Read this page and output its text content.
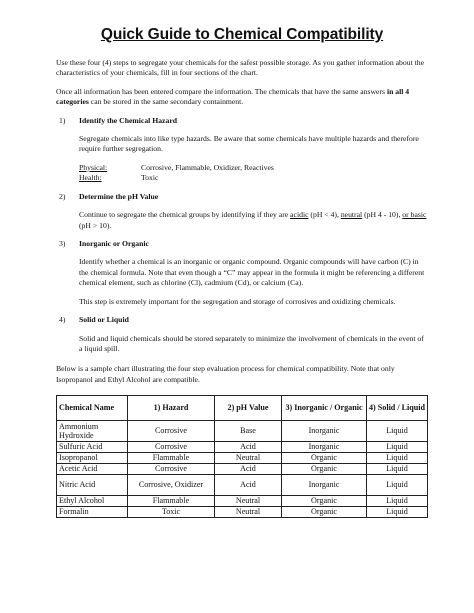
Quick Guide to Chemical Compatibility

Use these four (4) steps to segregate your chemicals for the safest possible storage. As you gather information about the characteristics of your chemicals, fill in four sections of the chart.

Once all information has been entered compare the information. The chemicals that have the same answers in all 4 categories can be stored in the same secondary containment.

1)	Identify the Chemical Hazard

Segregate chemicals into like type hazards. Be aware that some chemicals have multiple hazards and therefore require further segregation.

Physical:	Corrosive, Flammable, Oxidizer, Reactives
Health:	Toxic

2)	Determine the pH Value

Continue to segregate the chemical groups by identifying if they are acidic (pH < 4), neutral (pH 4 - 10), or basic (pH > 10).

3)	Inorganic or Organic

Identify whether a chemical is an inorganic or organic compound. Organic compounds will have carbon (C) in the chemical formula. Note that even though a “C” may appear in the formula it might be referencing a different chemical element, such as chlorine (Cl), cadmium (Cd), or calcium (Ca).

This step is extremely important for the segregation and storage of corrosives and oxidizing chemicals.

4)	Solid or Liquid

Solid and liquid chemicals should be stored separately to minimize the involvement of chemicals in the event of a liquid spill.

Below is a sample chart illustrating the four step evaluation process for chemical compatibility. Note that only Isopropanol and Ethyl Alcohol are compatible.

Chemical Name	1) Hazard	2) pH Value	3) Inorganic / Organic	4) Solid / Liquid
Ammonium Hydroxide	Corrosive	Base	Inorganic	Liquid
Sulfuric Acid	Corrosive	Acid	Inorganic	Liquid
Isopropanol	Flammable	Neutral	Organic	Liquid
Acetic Acid	Corrosive	Acid	Organic	Liquid
Nitric Acid	Corrosive, Oxidizer	Acid	Inorganic	Liquid
Ethyl Alcohol	Flammable	Neutral	Organic	Liquid
Formalin	Toxic	Neutral	Organic	Liquid
